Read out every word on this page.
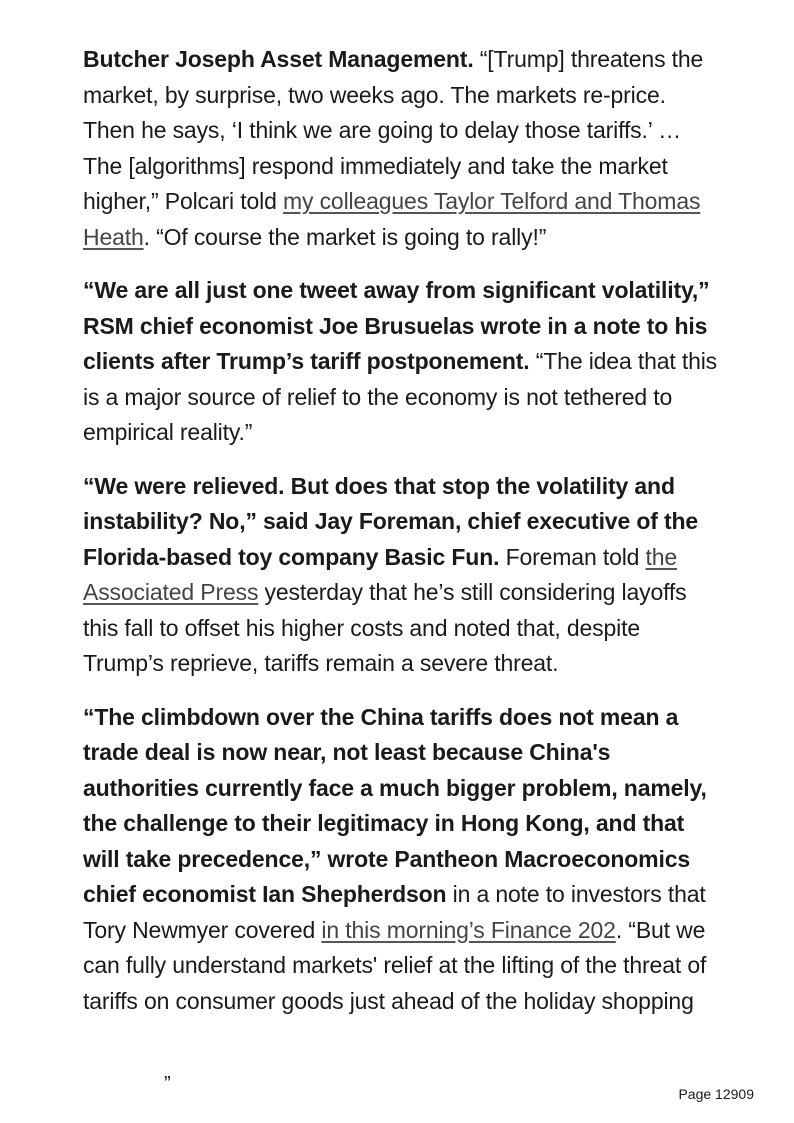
Butcher Joseph Asset Management. “[Trump] threatens the market, by surprise, two weeks ago. The markets re-price. Then he says, ‘I think we are going to delay those tariffs.’ … The [algorithms] respond immediately and take the market higher,” Polcari told my colleagues Taylor Telford and Thomas Heath. “Of course the market is going to rally!”

“We are all just one tweet away from significant volatility,” RSM chief economist Joe Brusuelas wrote in a note to his clients after Trump’s tariff postponement. “The idea that this is a major source of relief to the economy is not tethered to empirical reality.”

“We were relieved. But does that stop the volatility and instability? No,” said Jay Foreman, chief executive of the Florida-based toy company Basic Fun. Foreman told the Associated Press yesterday that he’s still considering layoffs this fall to offset his higher costs and noted that, despite Trump’s reprieve, tariffs remain a severe threat.

“The climbdown over the China tariffs does not mean a trade deal is now near, not least because China's authorities currently face a much bigger problem, namely, the challenge to their legitimacy in Hong Kong, and that will take precedence,” wrote Pantheon Macroeconomics chief economist Ian Shepherdson in a note to investors that Tory Newmyer covered in this morning’s Finance 202. “But we can fully understand markets' relief at the lifting of the threat of tariffs on consumer goods just ahead of the holiday shopping

”	Page 12909
